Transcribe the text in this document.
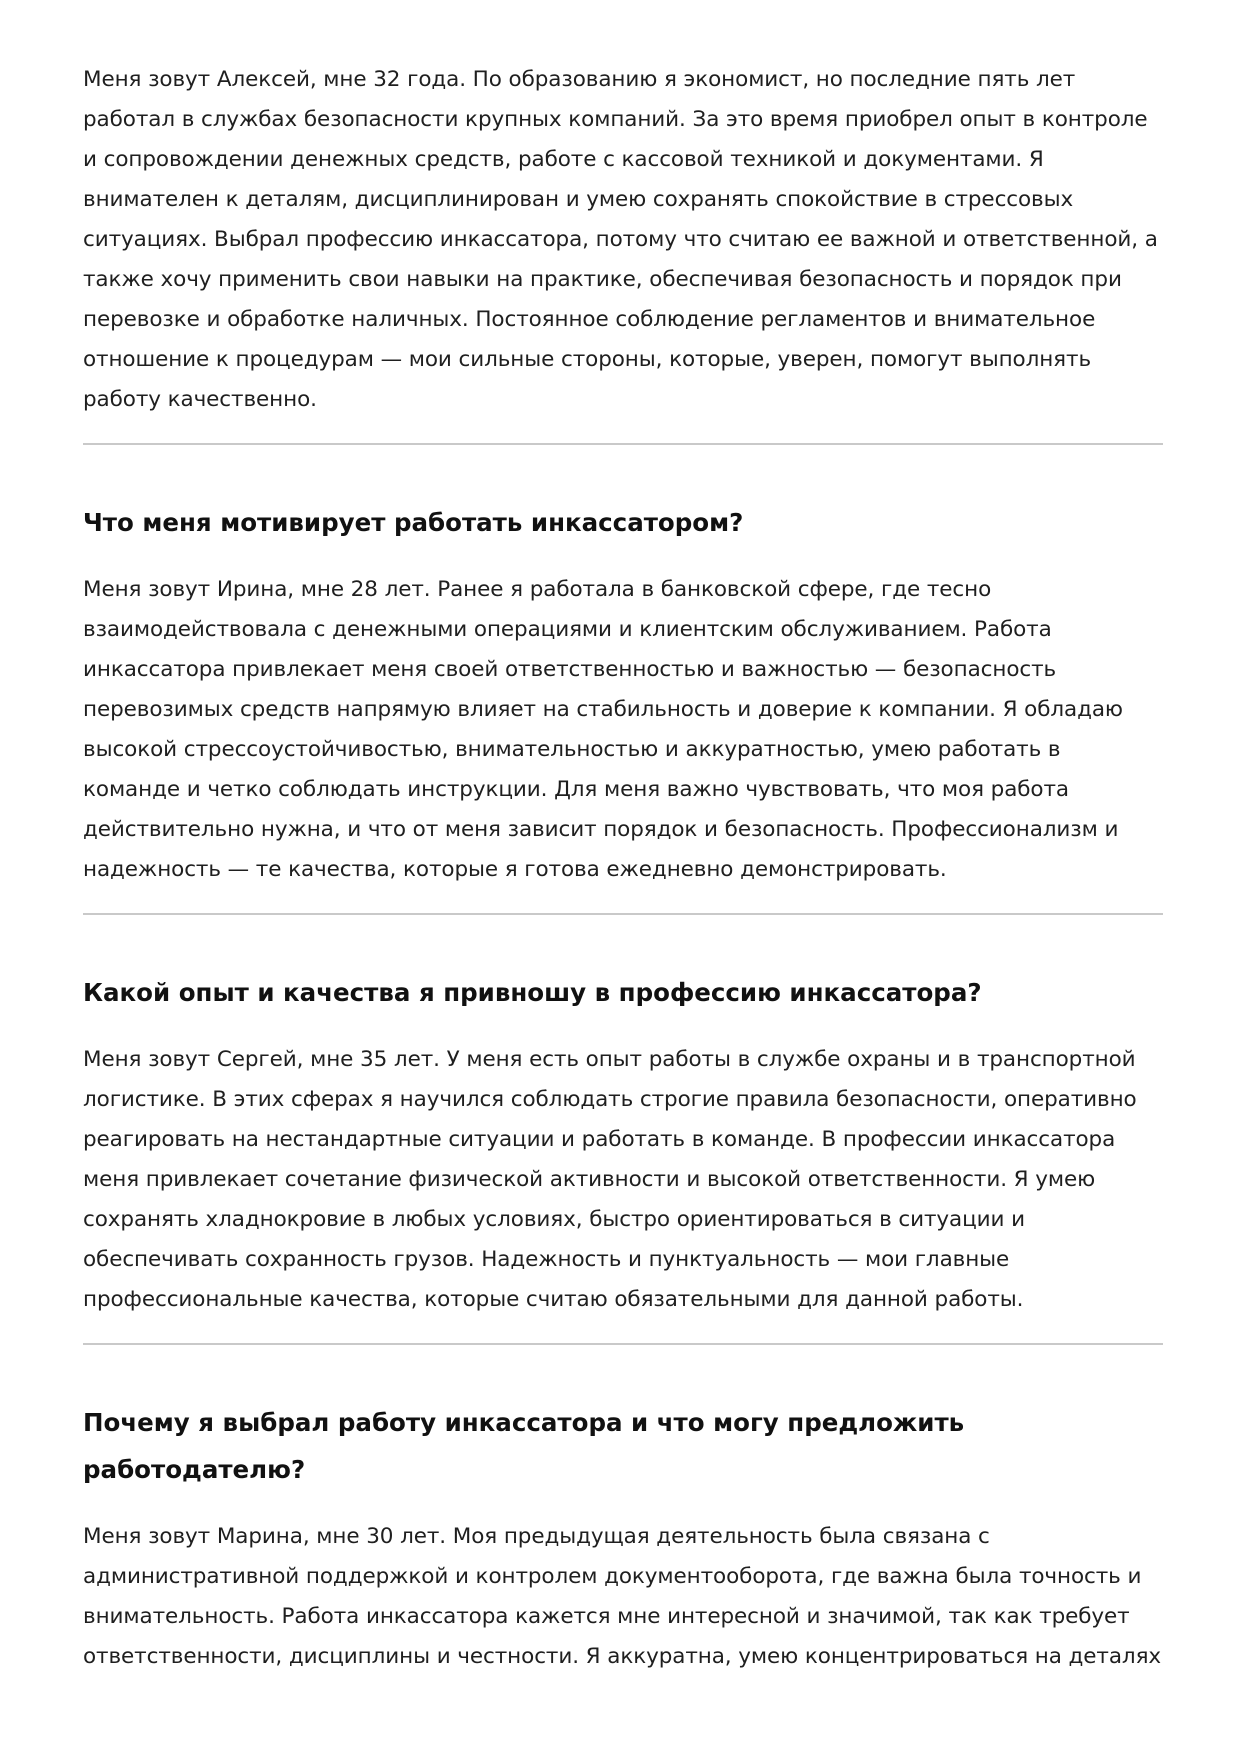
Меня зовут Алексей, мне 32 года. По образованию я экономист, но последние пять лет работал в службах безопасности крупных компаний. За это время приобрел опыт в контроле и сопровождении денежных средств, работе с кассовой техникой и документами. Я внимателен к деталям, дисциплинирован и умею сохранять спокойствие в стрессовых ситуациях. Выбрал профессию инкассатора, потому что считаю ее важной и ответственной, а также хочу применить свои навыки на практике, обеспечивая безопасность и порядок при перевозке и обработке наличных. Постоянное соблюдение регламентов и внимательное отношение к процедурам — мои сильные стороны, которые, уверен, помогут выполнять работу качественно.

Что меня мотивирует работать инкассатором?

Меня зовут Ирина, мне 28 лет. Ранее я работала в банковской сфере, где тесно взаимодействовала с денежными операциями и клиентским обслуживанием. Работа инкассатора привлекает меня своей ответственностью и важностью — безопасность перевозимых средств напрямую влияет на стабильность и доверие к компании. Я обладаю высокой стрессоустойчивостью, внимательностью и аккуратностью, умею работать в команде и четко соблюдать инструкции. Для меня важно чувствовать, что моя работа действительно нужна, и что от меня зависит порядок и безопасность. Профессионализм и надежность — те качества, которые я готова ежедневно демонстрировать.

Какой опыт и качества я привношу в профессию инкассатора?

Меня зовут Сергей, мне 35 лет. У меня есть опыт работы в службе охраны и в транспортной логистике. В этих сферах я научился соблюдать строгие правила безопасности, оперативно реагировать на нестандартные ситуации и работать в команде. В профессии инкассатора меня привлекает сочетание физической активности и высокой ответственности. Я умею сохранять хладнокровие в любых условиях, быстро ориентироваться в ситуации и обеспечивать сохранность грузов. Надежность и пунктуальность — мои главные профессиональные качества, которые считаю обязательными для данной работы.

Почему я выбрал работу инкассатора и что могу предложить работодателю?

Меня зовут Марина, мне 30 лет. Моя предыдущая деятельность была связана с административной поддержкой и контролем документооборота, где важна была точность и внимательность. Работа инкассатора кажется мне интересной и значимой, так как требует ответственности, дисциплины и честности. Я аккуратна, умею концентрироваться на деталях
